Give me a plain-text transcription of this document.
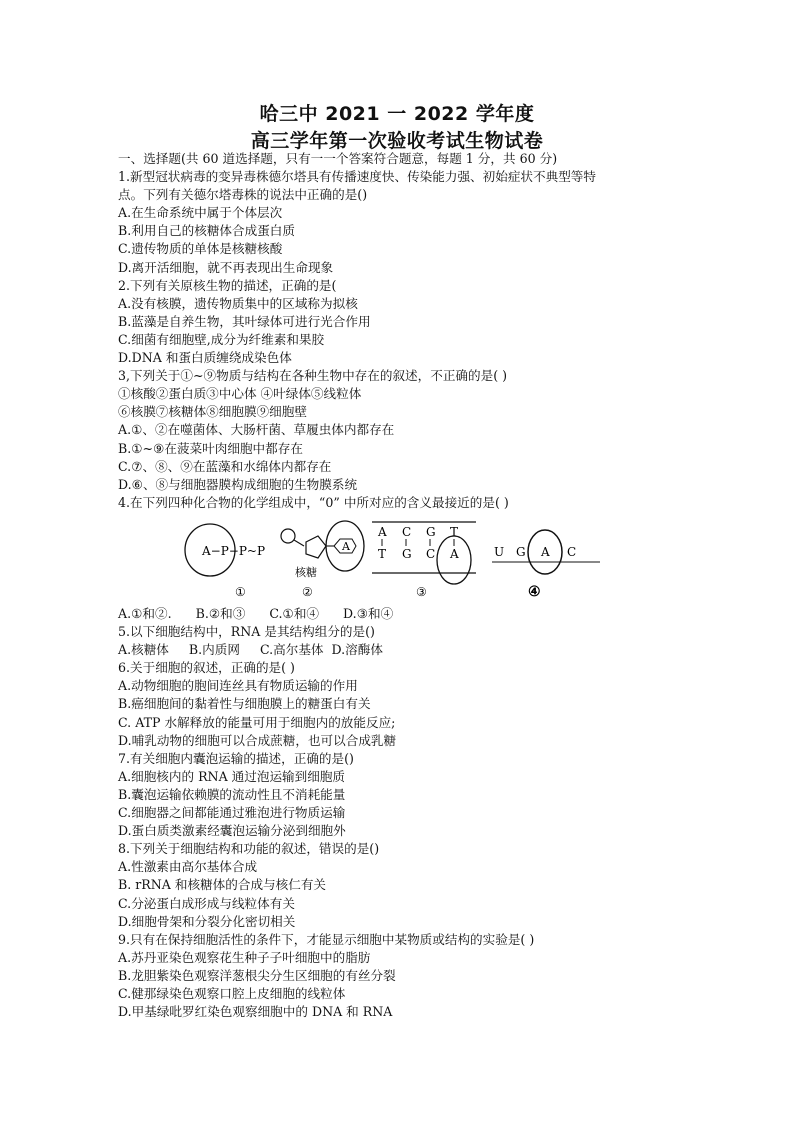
哈三中 2021 一 2022 学年度
高三学年第一次验收考试生物试卷
一、选择题(共 60 道选择题，只有一一个答案符合题意，每题 1 分，共 60 分)
1.新型冠状病毒的变异毒株德尔塔具有传播速度快、传染能力强、初始症状不典型等特
点。下列有关德尔塔毒株的说法中正确的是()
A.在生命系统中属于个体层次
B.利用自己的核糖体合成蛋白质
C.遗传物质的单体是核糖核酸
D.离开活细胞，就不再表现出生命现象
2.下列有关原核生物的描述，正确的是(
A.没有核膜，遗传物质集中的区域称为拟核
B.蓝藻是自养生物，其叶绿体可进行光合作用
C.细菌有细胞壁,成分为纤维素和果胶
D.DNA 和蛋白质缠绕成染色体
3,下列关于①~⑨物质与结构在各种生物中存在的叙述，不正确的是( )
①核酸②蛋白质③中心体 ④叶绿体⑤线粒体
⑥核膜⑦核糖体⑧细胞膜⑨细胞壁
A.①、②在噬菌体、大肠杆菌、草履虫体内都存在
B.①~⑨在菠菜叶肉细胞中都存在
C.⑦、⑧、⑨在蓝藻和水绵体内都存在
D.⑥、⑧与细胞器膜构成细胞的生物膜系统
4.在下列四种化合物的化学组成中，“0” 中所对应的含义最接近的是( )
A−P−P~P
①
A
核糖
②
A C G T
T G C A
③
U G A C
④
A.①和②.      B.②和③      C.①和④      D.③和④
5.以下细胞结构中，RNA 是其结构组分的是()
A.核糖体     B.内质网     C.高尔基体  D.溶酶体
6.关于细胞的叙述，正确的是( )
A.动物细胞的胞间连丝具有物质运输的作用
B.癌细胞间的黏着性与细胞膜上的糖蛋白有关
C. ATP 水解释放的能量可用于细胞内的放能反应;
D.哺乳动物的细胞可以合成蔗糖，也可以合成乳糖
7.有关细胞内囊泡运输的描述，正确的是()
A.细胞核内的 RNA 通过泡运输到细胞质
B.囊泡运输依赖膜的流动性且不消耗能量
C.细胞器之间都能通过雅泡进行物质运输
D.蛋白质类激素经囊泡运输分泌到细胞外
8.下列关于细胞结构和功能的叙述，错误的是()
A.性激素由高尔基体合成
B. rRNA 和核糖体的合成与核仁有关
C.分泌蛋白成形成与线粒体有关
D.细胞骨架和分裂分化密切相关
9.只有在保持细胞活性的条件下，才能显示细胞中某物质或结构的实验是( )
A.苏丹亚染色观察花生种子子叶细胞中的脂肪
B.龙胆紫染色观察洋葱根尖分生区细胞的有丝分裂
C.健那绿染色观察口腔上皮细胞的线粒体
D.甲基绿吡罗红染色观察细胞中的 DNA 和 RNA
